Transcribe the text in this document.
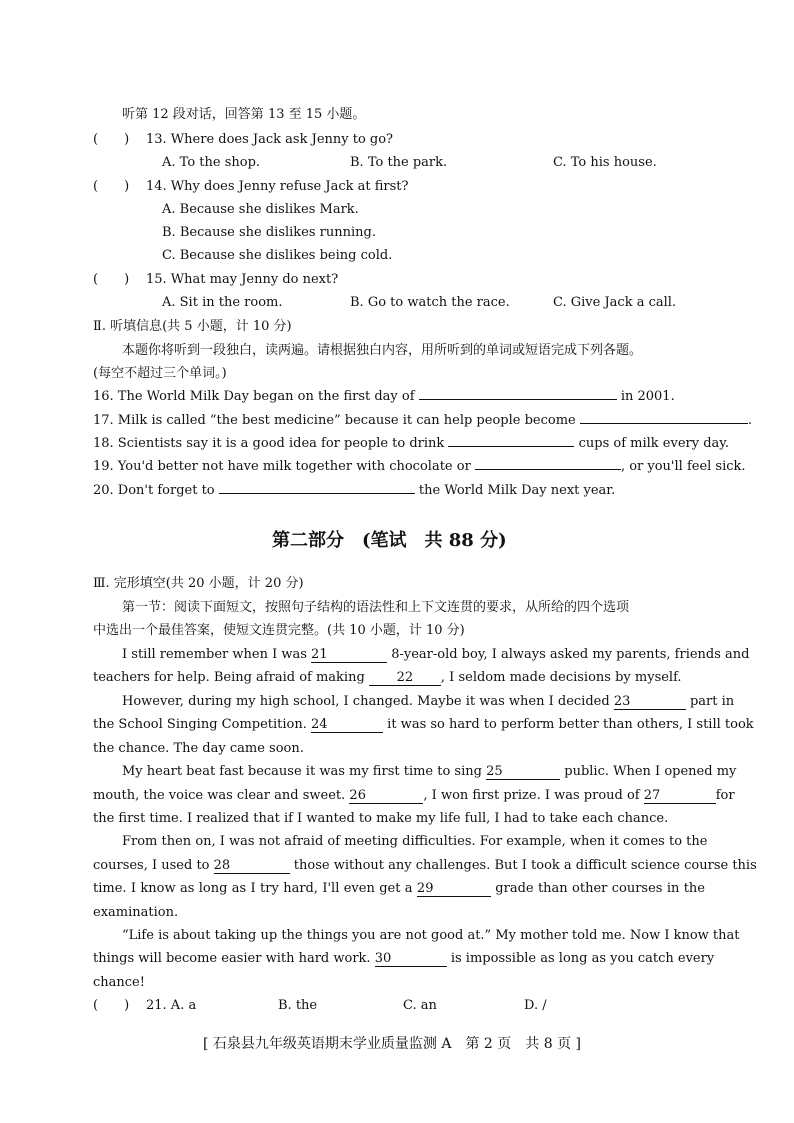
听第 12 段对话，回答第 13 至 15 小题。
(　　) 13. Where does Jack ask Jenny to go?
A. To the shop.	B. To the park.	C. To his house.
(　　) 14. Why does Jenny refuse Jack at first?
A. Because she dislikes Mark.
B. Because she dislikes running.
C. Because she dislikes being cold.
(　　) 15. What may Jenny do next?
A. Sit in the room.	B. Go to watch the race.	C. Give Jack a call.
Ⅱ. 听填信息(共 5 小题，计 10 分)
本题你将听到一段独白，读两遍。请根据独白内容，用所听到的单词或短语完成下列各题。
(每空不超过三个单词。)
16. The World Milk Day began on the first day of	in 2001.
17. Milk is called “the best medicine” because it can help people become	.
18. Scientists say it is a good idea for people to drink	cups of milk every day.
19. You'd better not have milk together with chocolate or	, or you'll feel sick.
20. Don't forget to	the World Milk Day next year.
第二部分　(笔试　共 88 分)
Ⅲ. 完形填空(共 20 小题，计 20 分)
第一节：阅读下面短文，按照句子结构的语法性和上下文连贯的要求，从所给的四个选项
中选出一个最佳答案，使短文连贯完整。(共 10 小题，计 10 分)
I still remember when I was 21	8-year-old boy, I always asked my parents, friends and
teachers for help. Being afraid of making 22 , I seldom made decisions by myself.
However, during my high school, I changed. Maybe it was when I decided 23	part in
the School Singing Competition. 24	it was so hard to perform better than others, I still took
the chance. The day came soon.
My heart beat fast because it was my first time to sing 25	public. When I opened my
mouth, the voice was clear and sweet. 26	, I won first prize. I was proud of 27	for
the first time. I realized that if I wanted to make my life full, I had to take each chance.
From then on, I was not afraid of meeting difficulties. For example, when it comes to the
courses, I used to 28	those without any challenges. But I took a difficult science course this
time. I know as long as I try hard, I'll even get a 29	grade than other courses in the
examination.
“Life is about taking up the things you are not good at.” My mother told me. Now I know that
things will become easier with hard work. 30	is impossible as long as you catch every
chance!
(　　) 21. A. a	B. the	C. an	D. /
[ 石泉县九年级英语期末学业质量监测 A　第 2 页　共 8 页 ]
